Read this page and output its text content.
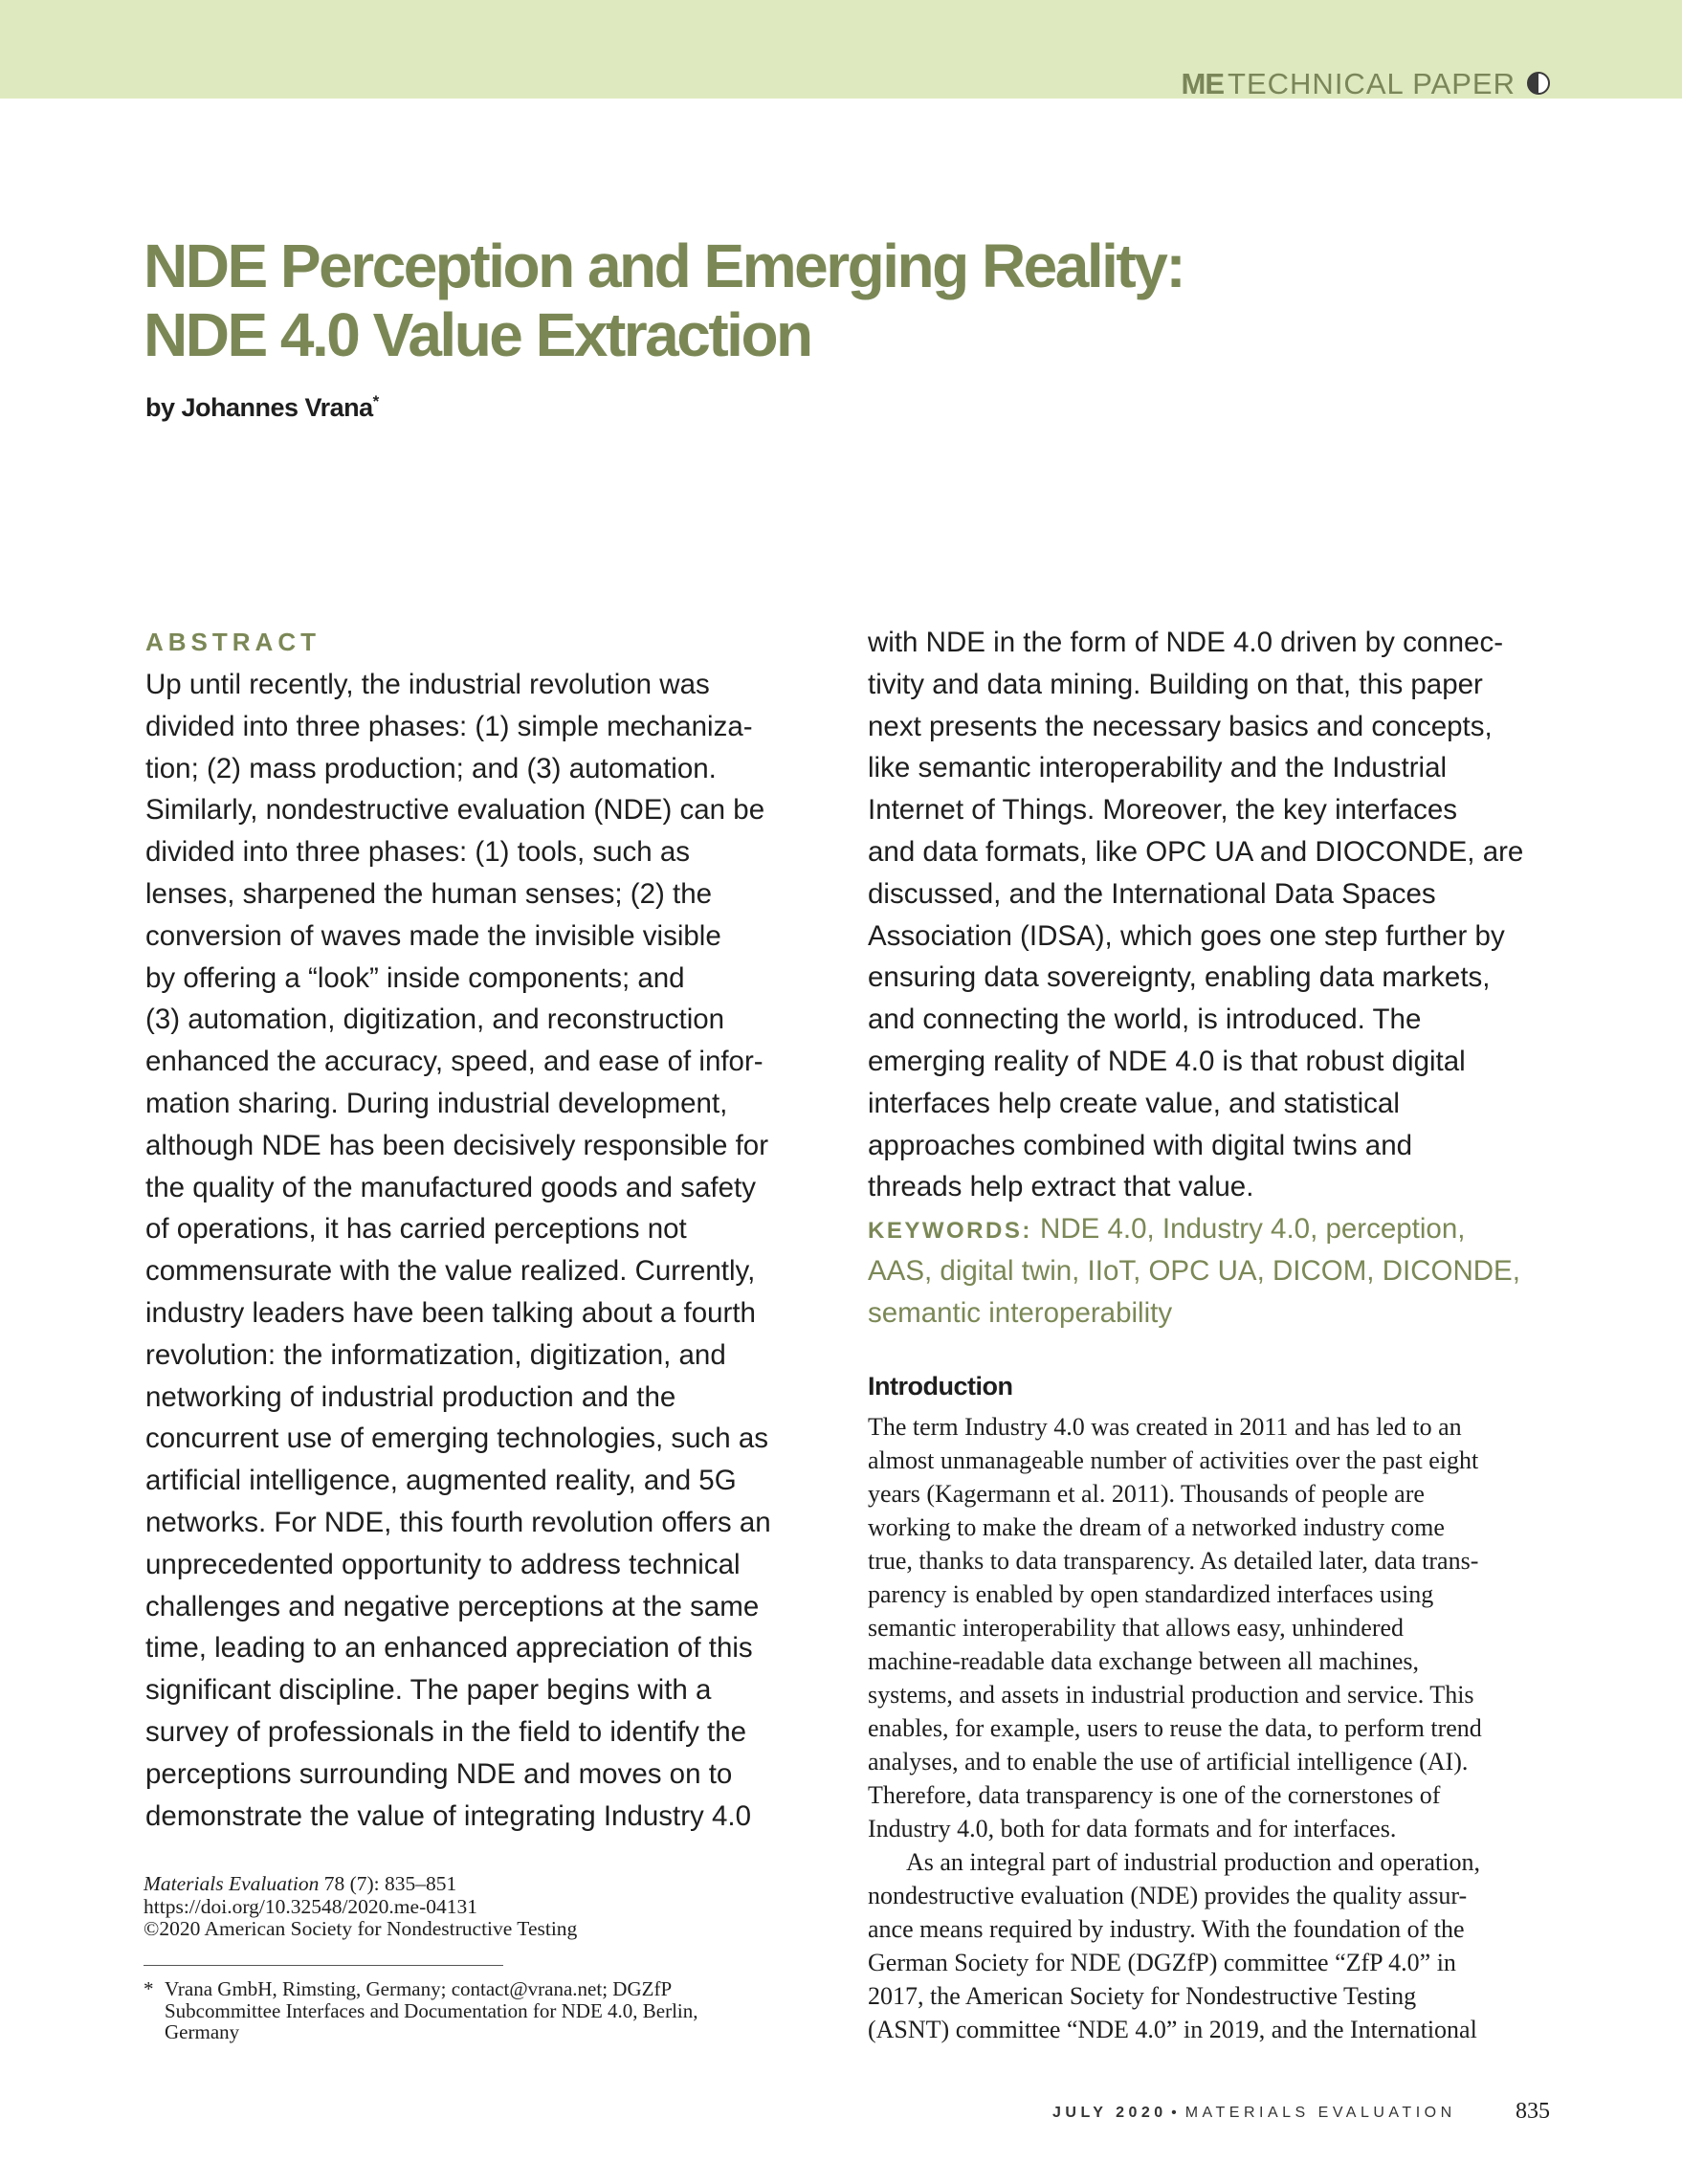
ME TECHNICAL PAPER
NDE Perception and Emerging Reality:
NDE 4.0 Value Extraction
by Johannes Vrana*
ABSTRACT
Up until recently, the industrial revolution was
divided into three phases: (1) simple mechaniza-
tion; (2) mass production; and (3) automation.
Similarly, nondestructive evaluation (NDE) can be
divided into three phases: (1) tools, such as
lenses, sharpened the human senses; (2) the
conversion of waves made the invisible visible
by offering a “look” inside components; and
(3) automation, digitization, and reconstruction
enhanced the accuracy, speed, and ease of infor-
mation sharing. During industrial development,
although NDE has been decisively responsible for
the quality of the manufactured goods and safety
of operations, it has carried perceptions not
commensurate with the value realized. Currently,
industry leaders have been talking about a fourth
revolution: the informatization, digitization, and
networking of industrial production and the
concurrent use of emerging technologies, such as
artificial intelligence, augmented reality, and 5G
networks. For NDE, this fourth revolution offers an
unprecedented opportunity to address technical
challenges and negative perceptions at the same
time, leading to an enhanced appreciation of this
significant discipline. The paper begins with a
survey of professionals in the field to identify the
perceptions surrounding NDE and moves on to
demonstrate the value of integrating Industry 4.0
with NDE in the form of NDE 4.0 driven by connec-
tivity and data mining. Building on that, this paper
next presents the necessary basics and concepts,
like semantic interoperability and the Industrial
Internet of Things. Moreover, the key interfaces
and data formats, like OPC UA and DIOCONDE, are
discussed, and the International Data Spaces
Association (IDSA), which goes one step further by
ensuring data sovereignty, enabling data markets,
and connecting the world, is introduced. The
emerging reality of NDE 4.0 is that robust digital
interfaces help create value, and statistical
approaches combined with digital twins and
threads help extract that value.
KEYWORDS: NDE 4.0, Industry 4.0, perception,
AAS, digital twin, IIoT, OPC UA, DICOM, DICONDE,
semantic interoperability
Materials Evaluation 78 (7): 835–851
https://doi.org/10.32548/2020.me-04131
©2020 American Society for Nondestructive Testing
* Vrana GmbH, Rimsting, Germany; contact@vrana.net; DGZfP
Subcommittee Interfaces and Documentation for NDE 4.0, Berlin,
Germany
Introduction
The term Industry 4.0 was created in 2011 and has led to an
almost unmanageable number of activities over the past eight
years (Kagermann et al. 2011). Thousands of people are
working to make the dream of a networked industry come
true, thanks to data transparency. As detailed later, data trans-
parency is enabled by open standardized interfaces using
semantic interoperability that allows easy, unhindered
machine-readable data exchange between all machines,
systems, and assets in industrial production and service. This
enables, for example, users to reuse the data, to perform trend
analyses, and to enable the use of artificial intelligence (AI).
Therefore, data transparency is one of the cornerstones of
Industry 4.0, both for data formats and for interfaces.
As an integral part of industrial production and operation,
nondestructive evaluation (NDE) provides the quality assur-
ance means required by industry. With the foundation of the
German Society for NDE (DGZfP) committee “ZfP 4.0” in
2017, the American Society for Nondestructive Testing
(ASNT) committee “NDE 4.0” in 2019, and the International
JULY 2020 • MATERIALS EVALUATION	835
